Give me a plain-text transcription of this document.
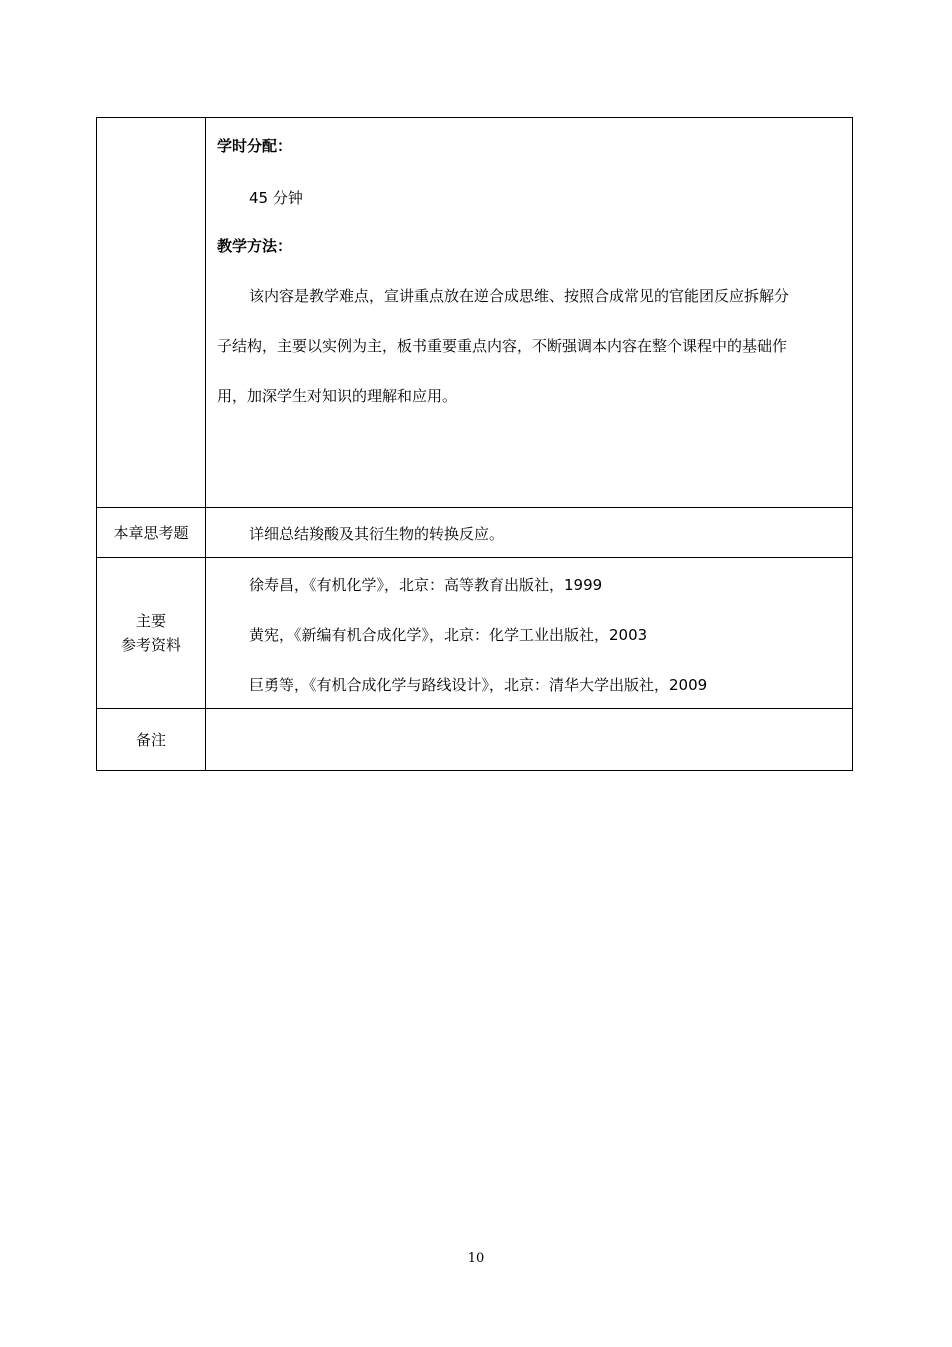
学时分配：
45 分钟
教学方法：
该内容是教学难点，宣讲重点放在逆合成思维、按照合成常见的官能团反应拆解分
子结构，主要以实例为主，板书重要重点内容，不断强调本内容在整个课程中的基础作
用，加深学生对知识的理解和应用。
本章思考题	详细总结羧酸及其衍生物的转换反应。
主要
参考资料
徐寿昌，《有机化学》，北京：高等教育出版社，1999
黄宪，《新编有机合成化学》，北京：化学工业出版社，2003
巨勇等，《有机合成化学与路线设计》，北京：清华大学出版社，2009
备注
10
